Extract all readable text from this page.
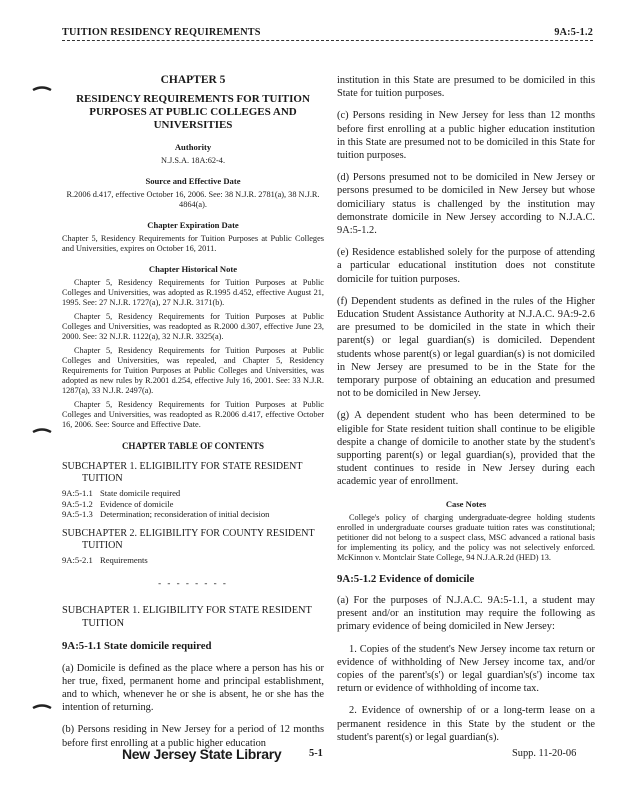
TUITION RESIDENCY REQUIREMENTS	9A:5-1.2
CHAPTER 5
RESIDENCY REQUIREMENTS FOR TUITION PURPOSES AT PUBLIC COLLEGES AND UNIVERSITIES
Authority
N.J.S.A. 18A:62-4.
Source and Effective Date
R.2006 d.417, effective October 16, 2006. See: 38 N.J.R. 2781(a), 38 N.J.R. 4864(a).
Chapter Expiration Date
Chapter 5, Residency Requirements for Tuition Purposes at Public Colleges and Universities, expires on October 16, 2011.
Chapter Historical Note
Chapter 5, Residency Requirements for Tuition Purposes at Public Colleges and Universities, was adopted as R.1995 d.452, effective August 21, 1995. See: 27 N.J.R. 1727(a), 27 N.J.R. 3171(b).
Chapter 5, Residency Requirements for Tuition Purposes at Public Colleges and Universities, was readopted as R.2000 d.307, effective June 23, 2000. See: 32 N.J.R. 1122(a), 32 N.J.R. 3325(a).
Chapter 5, Residency Requirements for Tuition Purposes at Public Colleges and Universities, was repealed, and Chapter 5, Residency Requirements for Tuition Purposes at Public Colleges and Universities, was adopted as new rules by R.2001 d.254, effective July 16, 2001. See: 33 N.J.R. 1287(a), 33 N.J.R. 2497(a).
Chapter 5, Residency Requirements for Tuition Purposes at Public Colleges and Universities, was readopted as R.2006 d.417, effective October 16, 2006. See: Source and Effective Date.
CHAPTER TABLE OF CONTENTS
SUBCHAPTER 1. ELIGIBILITY FOR STATE RESIDENT
TUITION
9A:5-1.1 State domicile required
9A:5-1.2 Evidence of domicile
9A:5-1.3 Determination; reconsideration of initial decision
SUBCHAPTER 2. ELIGIBILITY FOR COUNTY RESIDENT
TUITION
9A:5-2.1 Requirements
- - - - - - - -
SUBCHAPTER 1. ELIGIBILITY FOR STATE RESIDENT
TUITION
9A:5-1.1 State domicile required

(a) Domicile is defined as the place where a person has his or her true, fixed, permanent home and principal establishment, and to which, whenever he or she is absent, he or she has the intention of returning.

(b) Persons residing in New Jersey for a period of 12 months before first enrolling at a public higher education

institution in this State are presumed to be domiciled in this State for tuition purposes.

(c) Persons residing in New Jersey for less than 12 months before first enrolling at a public higher education institution in this State are presumed not to be domiciled in this State for tuition purposes.

(d) Persons presumed not to be domiciled in New Jersey or persons presumed to be domiciled in New Jersey but whose domiciliary status is challenged by the institution may demonstrate domicile in New Jersey according to N.J.A.C. 9A:5-1.2.

(e) Residence established solely for the purpose of attending a particular educational institution does not constitute domicile for tuition purposes.

(f) Dependent students as defined in the rules of the Higher Education Student Assistance Authority at N.J.A.C. 9A:9-2.6 are presumed to be domiciled in the state in which their parent(s) or legal guardian(s) is domiciled. Dependent students whose parent(s) or legal guardian(s) is not domiciled in New Jersey are presumed to be in the State for the temporary purpose of obtaining an education and presumed not to be domiciled in New Jersey.

(g) A dependent student who has been determined to be eligible for State resident tuition shall continue to be eligible despite a change of domicile to another state by the student's supporting parent(s) or legal guardian(s), provided that the student continues to reside in New Jersey during each academic year of enrollment.

Case Notes
College's policy of charging undergraduate-degree holding students enrolled in undergraduate courses graduate tuition rates was constitutional; petitioner did not belong to a suspect class, MSC advanced a rational basis for implementing its policy, and the policy was not selectively enforced. McKinnon v. Montclair State College, 94 N.J.A.R.2d (HED) 13.
9A:5-1.2 Evidence of domicile

(a) For the purposes of N.J.A.C. 9A:5-1.1, a student may present and/or an institution may require the following as primary evidence of being domiciled in New Jersey:

1. Copies of the student's New Jersey income tax return or evidence of withholding of New Jersey income tax, and/or copies of the parent's(s') or legal guardian's(s') income tax return or evidence of withholding of income tax.

2. Evidence of ownership of or a long-term lease on a permanent residence in this State by the student or the student's parent(s) or legal guardian(s).

New Jersey State Library	5-1	Supp. 11-20-06
